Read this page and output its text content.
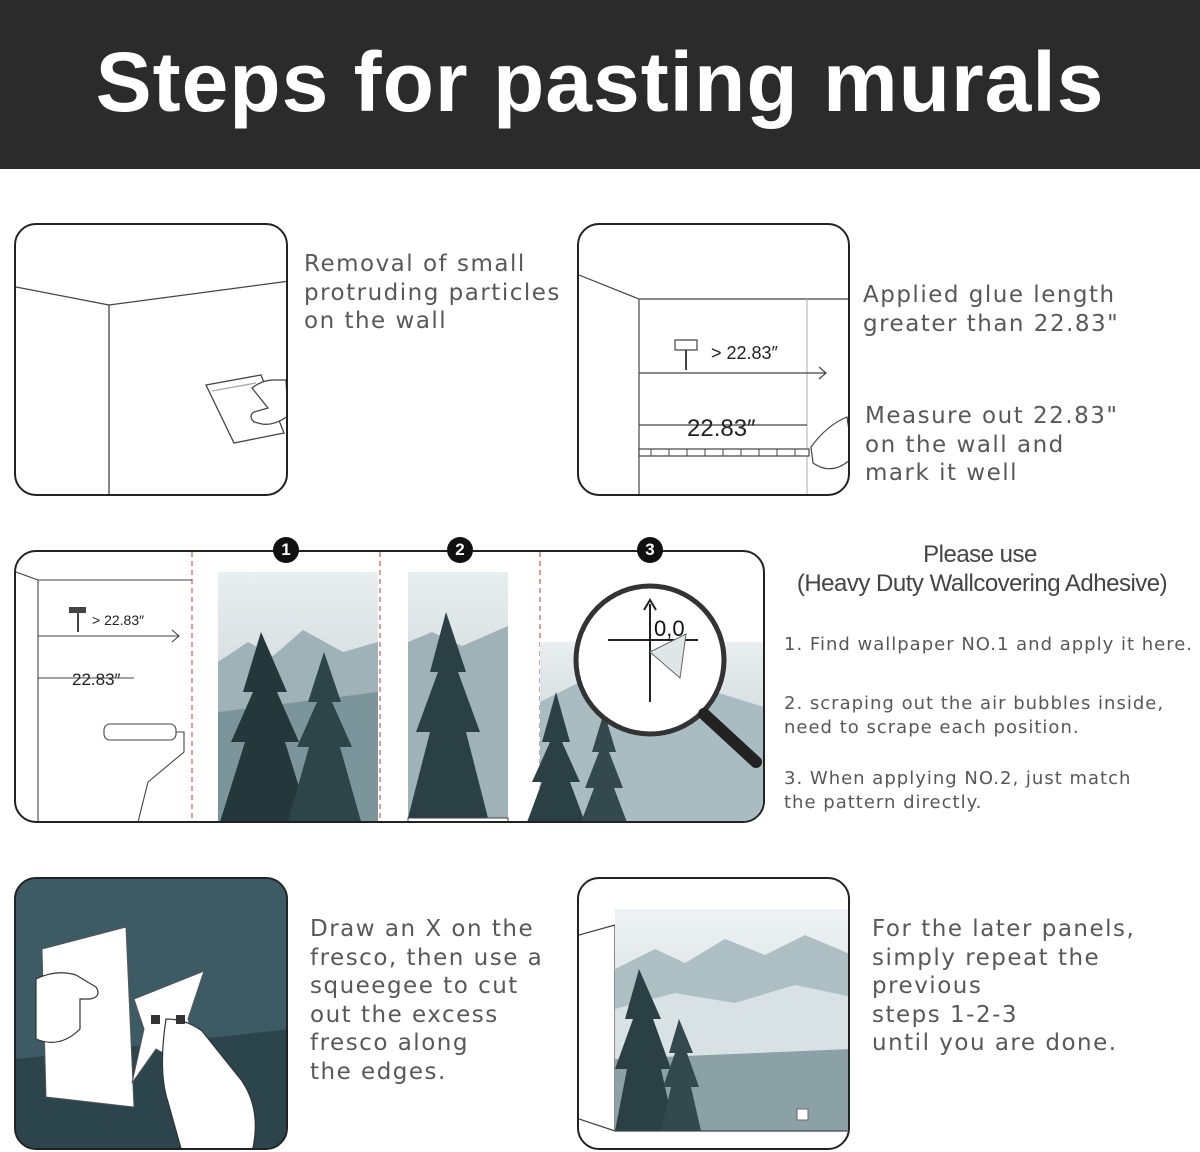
Steps for pasting murals
Removal of small
protruding particles
on the wall
> 22.83″
22.83″
Applied glue length
greater than 22.83"
Measure out 22.83"
on the wall and
mark it well
> 22.83″
22.83″
0,0
1	2	3	Please use
(Heavy Duty Wallcovering Adhesive)
1. Find wallpaper NO.1 and apply it here.
2. scraping out the air bubbles inside,
need to scrape each position.
3. When applying NO.2, just match
the pattern directly.
Draw an X on the
fresco, then use a
squeegee to cut
out the excess
fresco along
the edges.
For the later panels,
simply repeat the previous
steps 1-2-3
until you are done.
